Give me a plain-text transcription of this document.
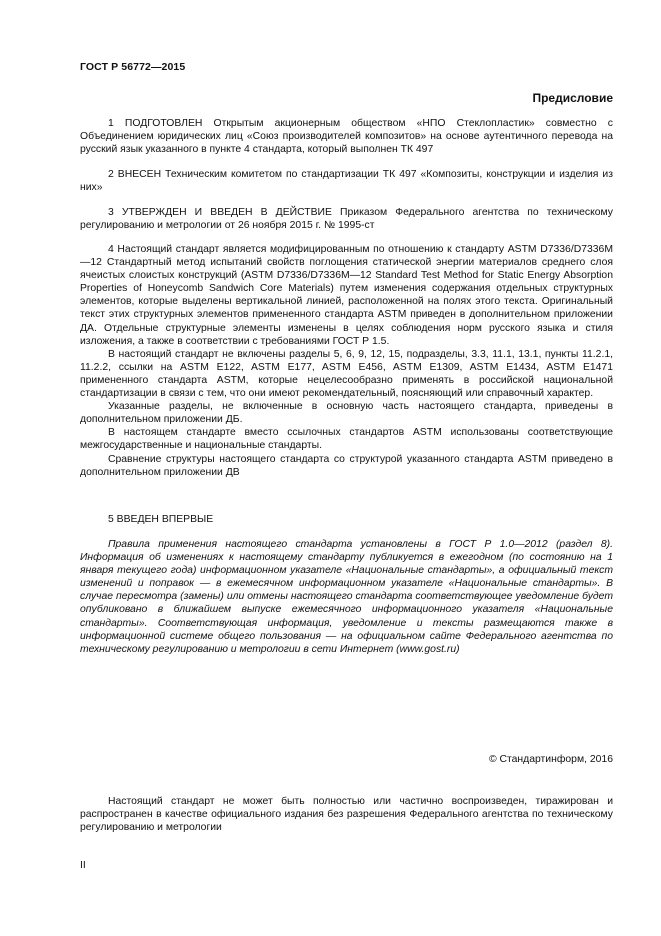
ГОСТ Р 56772—2015
Предисловие

1 ПОДГОТОВЛЕН Открытым акционерным обществом «НПО Стеклопластик» совместно с Объединением юридических лиц «Союз производителей композитов» на основе аутентичного перевода на русский язык указанного в пункте 4 стандарта, который выполнен ТК 497

2 ВНЕСЕН Техническим комитетом по стандартизации ТК 497 «Композиты, конструкции и изделия из них»

3 УТВЕРЖДЕН И ВВЕДЕН В ДЕЙСТВИЕ Приказом Федерального агентства по техническому регулированию и метрологии от 26 ноября 2015 г. № 1995-ст

4 Настоящий стандарт является модифицированным по отношению к стандарту ASTM D7336/D7336M—12 Стандартный метод испытаний свойств поглощения статической энергии материалов среднего слоя ячеистых слоистых конструкций (ASTM D7336/D7336M—12 Standard Test Method for Static Energy Absorption Properties of Honeycomb Sandwich Core Materials) путем изменения содержания отдельных структурных элементов, которые выделены вертикальной линией, расположенной на полях этого текста. Оригинальный текст этих структурных элементов примененного стандарта ASTM приведен в дополнительном приложении ДА. Отдельные структурные элементы изменены в целях соблюдения норм русского языка и стиля изложения, а также в соответствии с требованиями ГОСТ Р 1.5.

В настоящий стандарт не включены разделы 5, 6, 9, 12, 15, подразделы, 3.3, 11.1, 13.1, пункты 11.2.1, 11.2.2, ссылки на ASTM E122, ASTM E177, ASTM E456, ASTM E1309, ASTM E1434, ASTM E1471 примененного стандарта ASTM, которые нецелесообразно применять в российской национальной стандартизации в связи с тем, что они имеют рекомендательный, поясняющий или справочный характер.

Указанные разделы, не включенные в основную часть настоящего стандарта, приведены в дополнительном приложении ДБ.

В настоящем стандарте вместо ссылочных стандартов ASTM использованы соответствующие межгосударственные и национальные стандарты.

Сравнение структуры настоящего стандарта со структурой указанного стандарта ASTM приведено в дополнительном приложении ДВ

5 ВВЕДЕН ВПЕРВЫЕ

Правила применения настоящего стандарта установлены в ГОСТ Р 1.0—2012 (раздел 8). Информация об изменениях к настоящему стандарту публикуется в ежегодном (по состоянию на 1 января текущего года) информационном указателе «Национальные стандарты», а официальный текст изменений и поправок — в ежемесячном информационном указателе «Национальные стандарты». В случае пересмотра (замены) или отмены настоящего стандарта соответствующее уведомление будет опубликовано в ближайшем выпуске ежемесячного информационного указателя «Национальные стандарты». Соответствующая информация, уведомление и тексты размещаются также в информационной системе общего пользования — на официальном сайте Федерального агентства по техническому регулированию и метрологии в сети Интернет (www.gost.ru)

© Стандартинформ, 2016

Настоящий стандарт не может быть полностью или частично воспроизведен, тиражирован и распространен в качестве официального издания без разрешения Федерального агентства по техническому регулированию и метрологии

II
